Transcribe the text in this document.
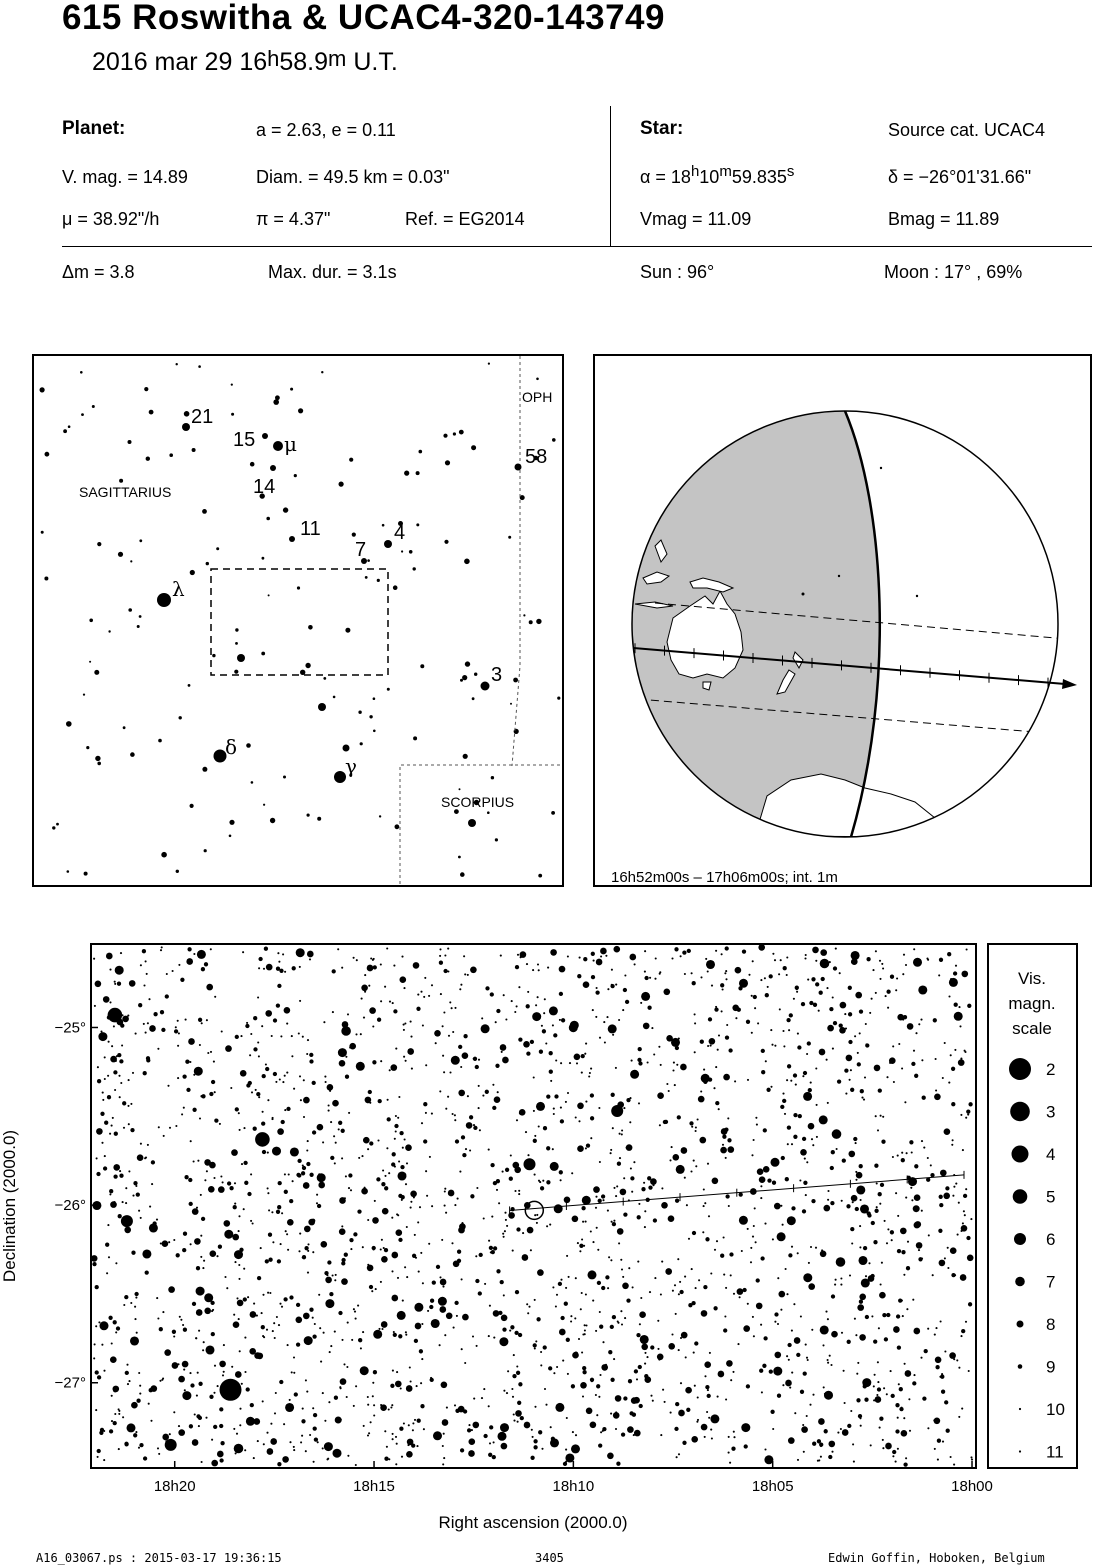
615 Roswitha & UCAC4-320-143749
2016 mar 29 16$^h$58.9$^m$ U.T.
Planet:	a = 2.63, e = 0.11
V. mag. = 14.89	Diam. = 49.5 km = 0.03"
μ = 38.92"/h	π = 4.37"	Ref. = EG2014
Star:	Source cat. UCAC4
$\alpha = 18^h10^m59.835^s$	δ = −26°01'31.66"
Vmag = 11.09	Bmag = 11.89
Δm = 3.8	Max. dur. = 3.1s	Sun : 96°	Moon : 17° , 69%
SAGITTARIUS
OPH
SCORPIUS
21
15 μ
14
58
11
7
4
λ
3
δ
γ
16h52m00s – 17h06m00s; int. 1m
18h20	18h15	18h10	18h05	18h00
−25°
−26°
−27°
Right ascension (2000.0)
Declination (2000.0)
Vis.
magn.
scale
2
3
4
5
6
7
8
9
10
11
A16_03067.ps : 2015-03-17 19:36:15	3405	Edwin Goffin, Hoboken, Belgium
